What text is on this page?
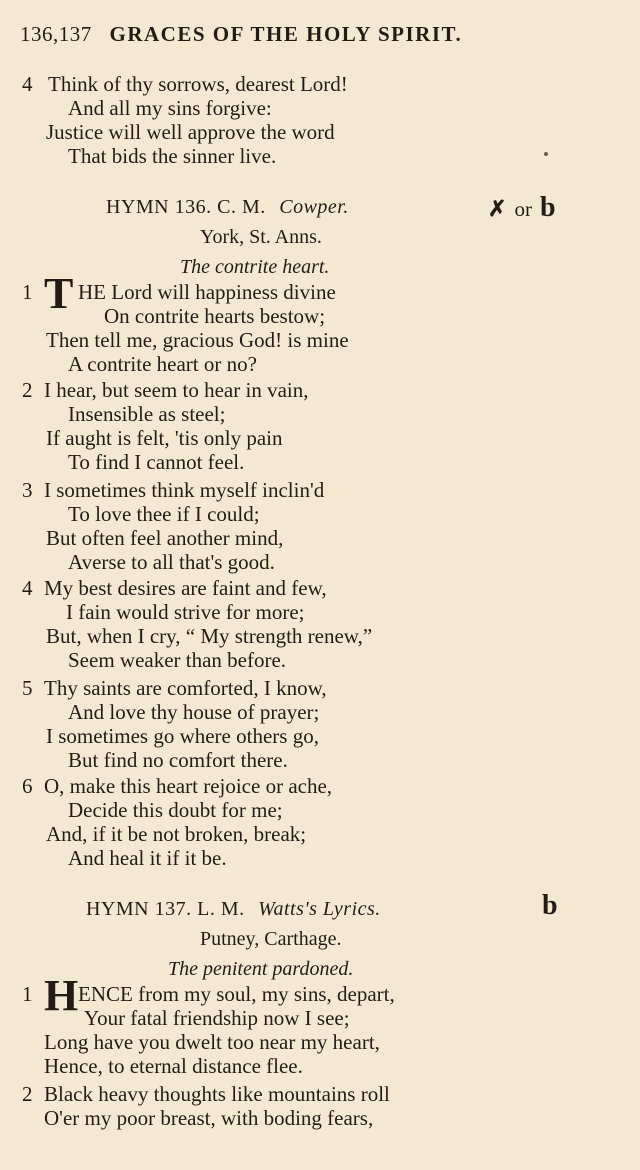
136,137 GRACES OF THE HOLY SPIRIT.
4 Think of thy sorrows, dearest Lord!
And all my sins forgive:
Justice will well approve the word
That bids the sinner live.
HYMN 136. C. M. Cowper.	✗ or b
York, St. Anns.
The contrite heart.
1 T HE Lord will happiness divine
On contrite hearts bestow;
Then tell me, gracious God! is mine
A contrite heart or no?
2 I hear, but seem to hear in vain,
Insensible as steel;
If aught is felt, 'tis only pain
To find I cannot feel.
3 I sometimes think myself inclin'd
To love thee if I could;
But often feel another mind,
Averse to all that's good.
4 My best desires are faint and few,
I fain would strive for more;
But, when I cry, “ My strength renew,”
Seem weaker than before.
5 Thy saints are comforted, I know,
And love thy house of prayer;
I sometimes go where others go,
But find no comfort there.
6 O, make this heart rejoice or ache,
Decide this doubt for me;
And, if it be not broken, break;
And heal it if it be.
HYMN 137. L. M. Watts's Lyrics.	b
Putney, Carthage.
The penitent pardoned.
1 H ENCE from my soul, my sins, depart,
Your fatal friendship now I see;
Long have you dwelt too near my heart,
Hence, to eternal distance flee.
2 Black heavy thoughts like mountains roll
O'er my poor breast, with boding fears,
